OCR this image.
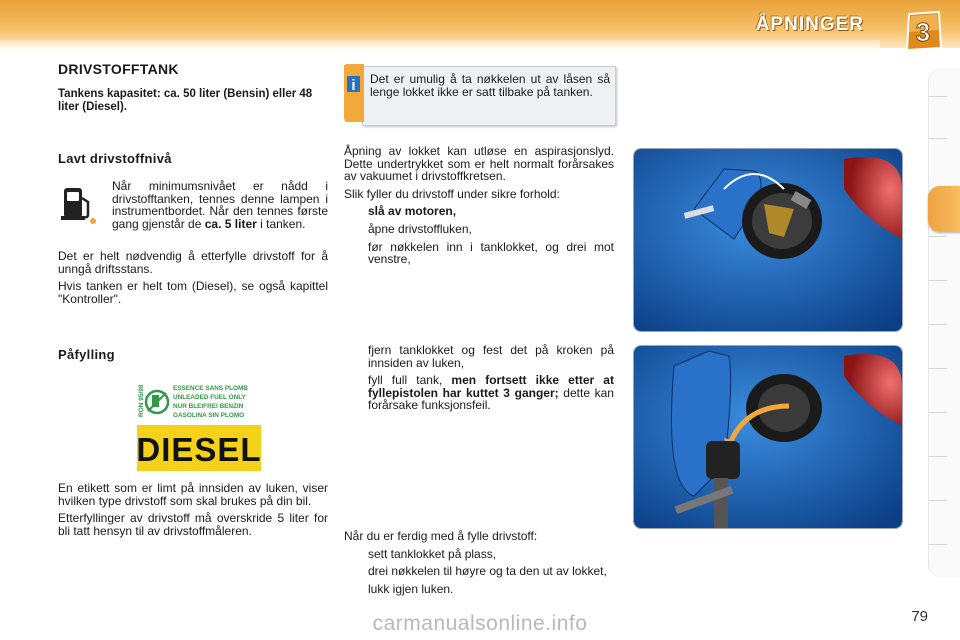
ÅPNINGER 3
DRIVSTOFFTANK
Tankens kapasitet: ca. 50 liter (Bensin) eller 48 liter (Diesel).
Lavt drivstoffnivå
Når minimumsnivået er nådd i drivstofftanken, tennes denne lampen i instrumentbordet. Når den tennes første gang gjenstår de ca. 5 liter i tanken.

Det er helt nødvendig å etterfylle drivstoff for å unngå driftsstans.

Hvis tanken er helt tom (Diesel), se også kapittel "Kontroller".

Påfylling
RON 95/98	ESSENCE SANS PLOMB
UNLEADED FUEL ONLY
NUR BLEIFREI BENZIN
GASOLINA SIN PLOMO
DIESEL

En etikett som er limt på innsiden av luken, viser hvilken type drivstoff som skal brukes på din bil.

Etterfyllinger av drivstoff må overskride 5 liter for bli tatt hensyn til av drivstoffmåleren.

i Det er umulig å ta nøkkelen ut av låsen så lenge lokket ikke er satt tilbake på tanken.

Åpning av lokket kan utløse en aspirasjonslyd. Dette undertrykket som er helt normalt forårsakes av vakuumet i drivstoffkretsen.

Slik fyller du drivstoff under sikre forhold:

slå av motoren,
åpne drivstoffluken,
før nøkkelen inn i tanklokket, og drei mot venstre,
fjern tanklokket og fest det på kroken på innsiden av luken,
fyll full tank, men fortsett ikke etter at fyllepistolen har kuttet 3 ganger; dette kan forårsake funksjonsfeil.

Når du er ferdig med å fylle drivstoff:

sett tanklokket på plass,
drei nøkkelen til høyre og ta den ut av lokket,
lukk igjen luken.
79
carmanualsonline.info
